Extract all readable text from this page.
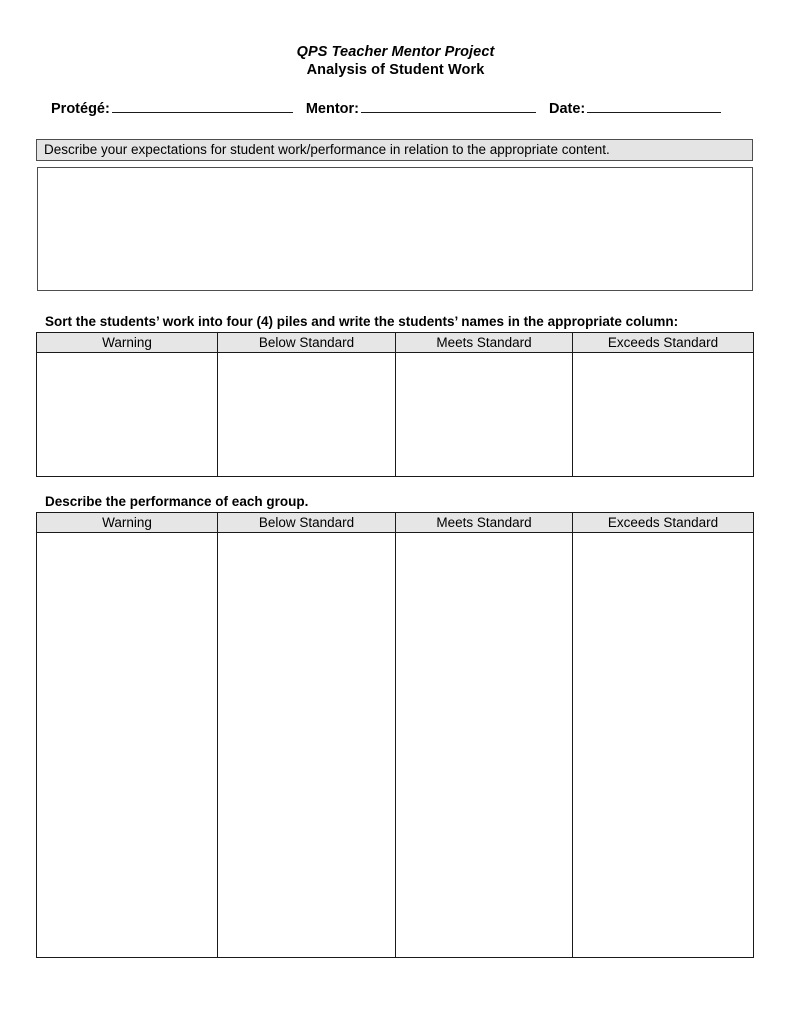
QPS Teacher Mentor Project
Analysis of Student Work
Protégé:	Mentor:	Date:
Describe your expectations for student work/performance in relation to the appropriate content.
Sort the students’ work into four (4) piles and write the students’ names in the appropriate column:
Warning	Below Standard	Meets Standard	Exceeds Standard

Describe the performance of each group.
Warning	Below Standard	Meets Standard	Exceeds Standard
